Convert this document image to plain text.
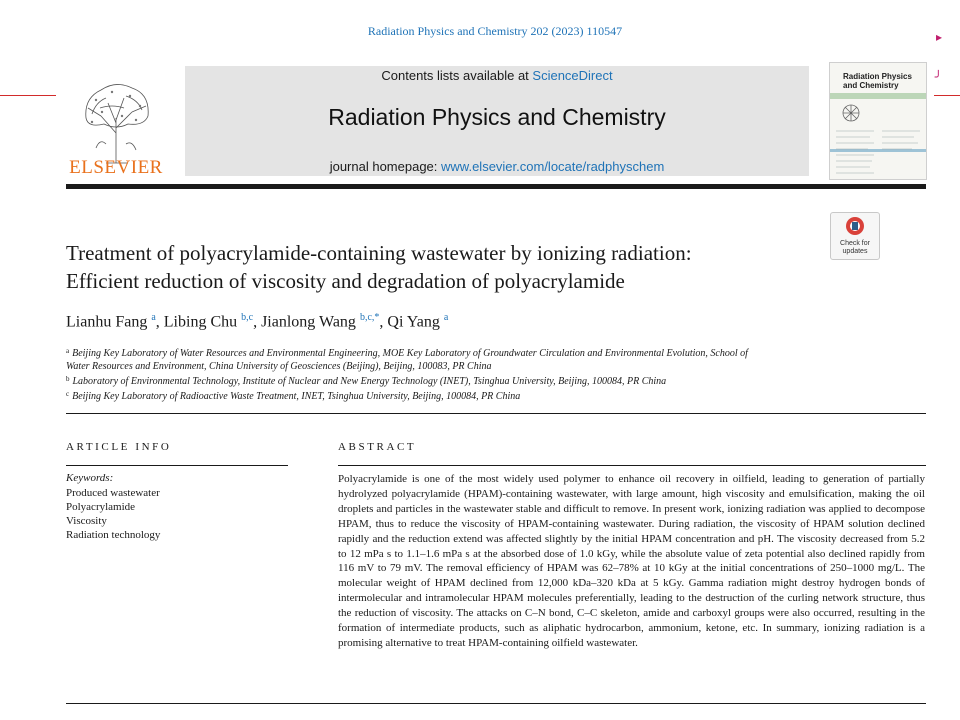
▸
╯
Radiation Physics and Chemistry 202 (2023) 110547
ELSEVIER
Contents lists available at ScienceDirect
Radiation Physics and Chemistry
journal homepage: www.elsevier.com/locate/radphyschem
Radiation Physics and Chemistry
Check for
updates
Treatment of polyacrylamide-containing wastewater by ionizing radiation:
Efficient reduction of viscosity and degradation of polyacrylamide
Lianhu Fang $^a$, Libing Chu $^{b,c}$, Jianlong Wang $^{b,c,*}$, Qi Yang $^a$
$^a$ Beijing Key Laboratory of Water Resources and Environmental Engineering, MOE Key Laboratory of Groundwater Circulation and Environmental Evolution, School of
Water Resources and Environment, China University of Geosciences (Beijing), Beijing, 100083, PR China
$^b$ Laboratory of Environmental Technology, Institute of Nuclear and New Energy Technology (INET), Tsinghua University, Beijing, 100084, PR China
$^c$ Beijing Key Laboratory of Radioactive Waste Treatment, INET, Tsinghua University, Beijing, 100084, PR China
ARTICLE INFO
Keywords:
Produced wastewater
Polyacrylamide
Viscosity
Radiation technology
ABSTRACT
Polyacrylamide is one of the most widely used polymer to enhance oil recovery in oilfield, leading to generation of partially hydrolyzed polyacrylamide (HPAM)-containing wastewater, with large amount, high viscosity and emulsification, making the oil droplets and particles in the wastewater stable and difficult to remove. In present work, ionizing radiation was applied to decompose HPAM, thus to reduce the viscosity of HPAM-containing wastewater. During radiation, the viscosity of HPAM solution declined rapidly and the reduction extend was affected slightly by the initial HPAM concentration and pH. The viscosity decreased from 5.2 to 12 mPa s to 1.1–1.6 mPa s at the absorbed dose of 1.0 kGy, while the absolute value of zeta potential also declined rapidly from 116 mV to 79 mV. The removal efficiency of HPAM was 62–78% at 10 kGy at the initial concentrations of 250–1000 mg/L. The molecular weight of HPAM declined from 12,000 kDa–320 kDa at 5 kGy. Gamma radiation might destroy hydrogen bonds of intermolecular and intramolecular HPAM molecules preferentially, leading to the destruction of the curling network structure, thus the reduction of viscosity. The attacks on C–N bond, C–C skeleton, amide and carboxyl groups were also occurred, resulting in the formation of intermediate products, such as aliphatic hydrocarbon, ammonium, ketone, etc. In summary, ionizing radiation is a promising alternative to treat HPAM-containing oilfield wastewater.
